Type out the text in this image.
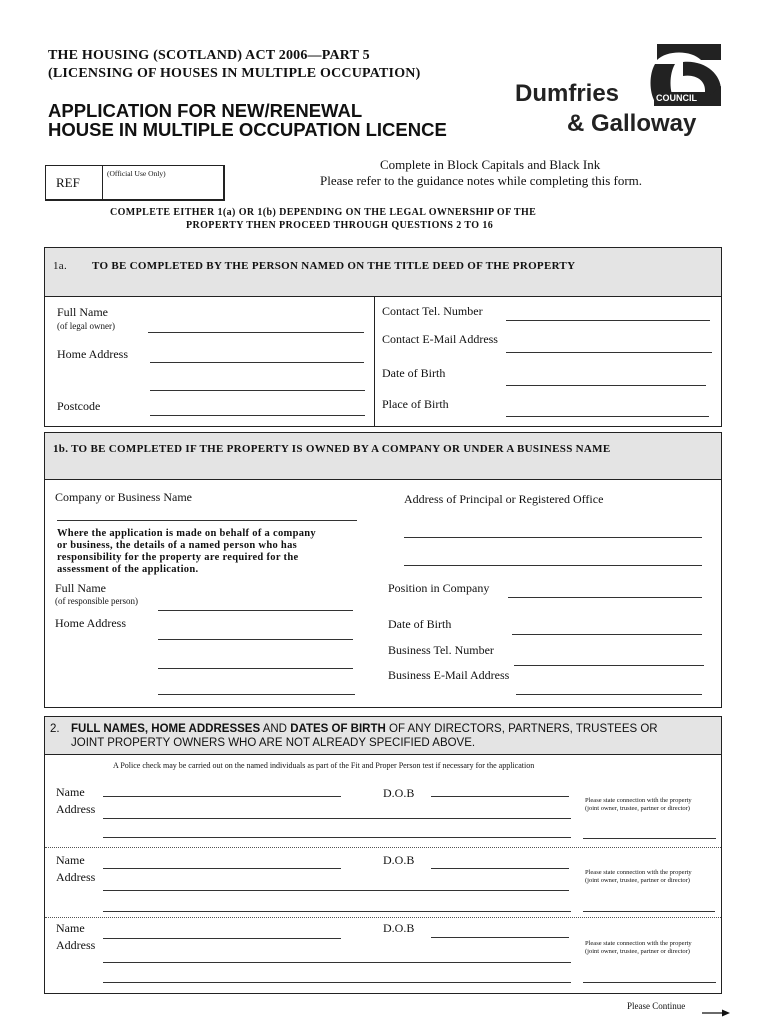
THE HOUSING (SCOTLAND) ACT 2006—PART 5
(LICENSING OF HOUSES IN MULTIPLE OCCUPATION)
APPLICATION FOR NEW/RENEWAL
HOUSE IN MULTIPLE OCCUPATION LICENCE
COUNCIL
Dumfries
& Galloway
REF
(Official Use Only)
Complete in Block Capitals and Black Ink
Please refer to the guidance notes while completing this form.
COMPLETE EITHER 1(a) OR 1(b) DEPENDING ON THE LEGAL OWNERSHIP OF THE
PROPERTY THEN PROCEED THROUGH QUESTIONS 2 TO 16
1a. TO BE COMPLETED BY THE PERSON NAMED ON THE TITLE DEED OF THE PROPERTY
Full Name
(of legal owner)
Home Address
Postcode
Contact Tel. Number
Contact E-Mail Address
Date of Birth
Place of Birth
1b. TO BE COMPLETED IF THE PROPERTY IS OWNED BY A COMPANY OR UNDER A BUSINESS NAME
Company or Business Name	Address of Principal or Registered Office
Where the application is made on behalf of a company
or business, the details of a named person who has
responsibility for the property are required for the
assessment of the application.
Full Name
(of responsible person)
Home Address
Position in Company
Date of Birth
Business Tel. Number
Business E-Mail Address
2. FULL NAMES, HOME ADDRESSES AND DATES OF BIRTH OF ANY DIRECTORS, PARTNERS, TRUSTEES OR
JOINT PROPERTY OWNERS WHO ARE NOT ALREADY SPECIFIED ABOVE.
A Police check may be carried out on the named individuals as part of the Fit and Proper Person test if necessary for the application
Name
Address
D.O.B
Please state connection with the property
(joint owner, trustee, partner or director)
Name
Address
D.O.B
Please state connection with the property
(joint owner, trustee, partner or director)
Name
Address
D.O.B
Please state connection with the property
(joint owner, trustee, partner or director)
Please Continue
